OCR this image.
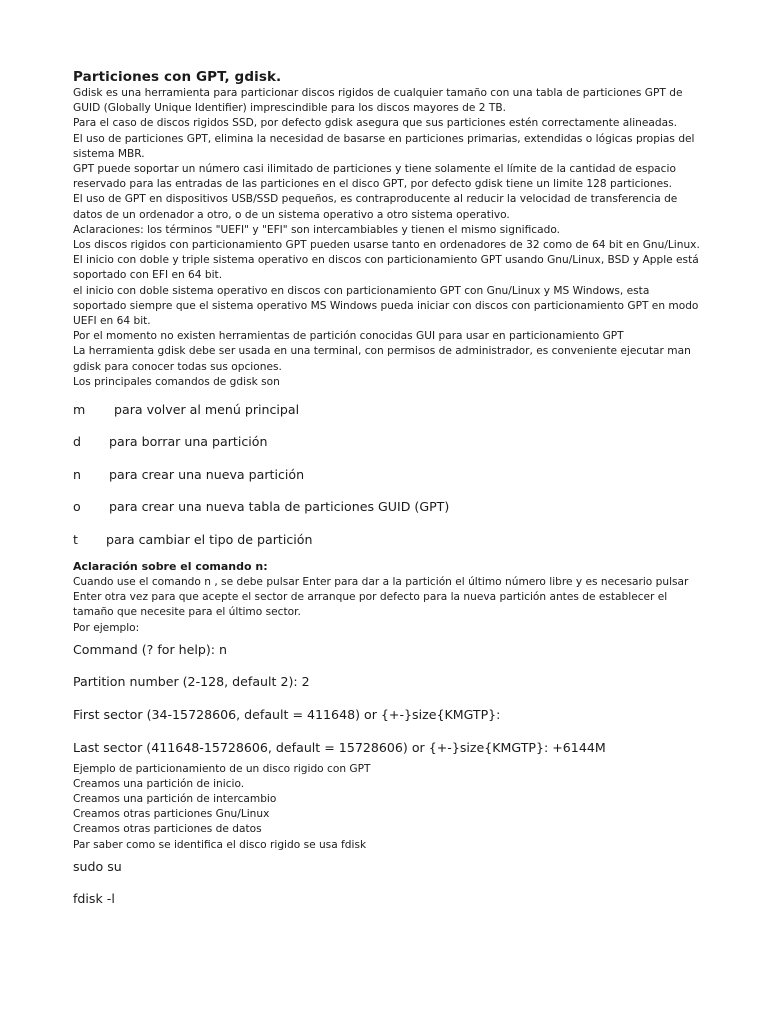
Particiones con GPT, gdisk.

Gdisk es una herramienta para particionar discos rigidos de cualquier tamaño con una tabla de particiones GPT de GUID (Globally Unique Identifier) imprescindible para los discos mayores de 2 TB.

Para el caso de discos rigidos SSD, por defecto gdisk asegura que sus particiones estén correctamente alineadas.

El uso de particiones GPT, elimina la necesidad de basarse en particiones primarias, extendidas o lógicas propias del sistema MBR.

GPT puede soportar un número casi ilimitado de particiones y tiene solamente el límite de la cantidad de espacio reservado para las entradas de las particiones en el disco GPT, por defecto gdisk tiene un limite 128 particiones.

El uso de GPT en dispositivos USB/SSD pequeños, es contraproducente al reducir la velocidad de transferencia de datos de un ordenador a otro, o de un sistema operativo a otro sistema operativo.

Aclaraciones: los términos "UEFI" y "EFI" son intercambiables y tienen el mismo significado.

Los discos rigidos con particionamiento GPT pueden usarse tanto en ordenadores de 32 como de 64 bit en Gnu/Linux.

El inicio con doble y triple sistema operativo en discos con particionamiento GPT usando Gnu/Linux, BSD y Apple está soportado con EFI en 64 bit.

el inicio con doble sistema operativo en discos con particionamiento GPT con Gnu/Linux y MS Windows, esta soportado siempre que el sistema operativo MS Windows pueda iniciar con discos con particionamiento GPT en modo UEFI en 64 bit.

Por el momento no existen herramientas de partición conocidas GUI para usar en particionamiento GPT

La herramienta gdisk debe ser usada en una terminal, con permisos de administrador, es conveniente ejecutar man gdisk para conocer todas sus opciones.

Los principales comandos de gdisk son

m para volver al menú principal

d para borrar una partición

n para crear una nueva partición

o para crear una nueva tabla de particiones GUID (GPT)

t para cambiar el tipo de partición

Aclaración sobre el comando n:

Cuando use el comando n , se debe pulsar Enter para dar a la partición el último número libre y es necesario pulsar Enter otra vez para que acepte el sector de arranque por defecto para la nueva partición antes de establecer el tamaño que necesite para el último sector.

Por ejemplo:

Command (? for help): n

Partition number (2-128, default 2): 2

First sector (34-15728606, default = 411648) or {+-}size{KMGTP}:

Last sector (411648-15728606, default = 15728606) or {+-}size{KMGTP}: +6144M

Ejemplo de particionamiento de un disco rigido con GPT

Creamos una partición de inicio.

Creamos una partición de intercambio

Creamos otras particiones Gnu/Linux

Creamos otras particiones de datos

Par saber como se identifica el disco rigido se usa fdisk

sudo su

fdisk -l
